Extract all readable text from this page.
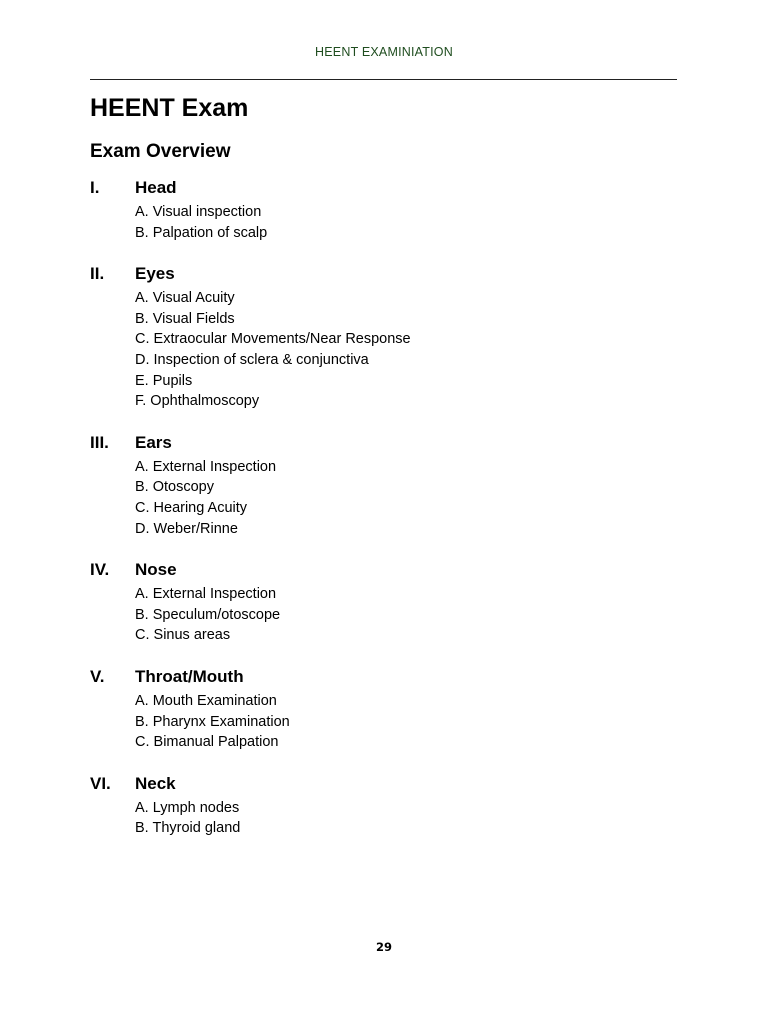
HEENT EXAMINIATION
HEENT Exam
Exam Overview
I.	Head
A. Visual inspection
B. Palpation of scalp
II.	Eyes
A. Visual Acuity
B. Visual Fields
C. Extraocular Movements/Near Response
D. Inspection of sclera & conjunctiva
E. Pupils
F. Ophthalmoscopy
III.	Ears
A. External Inspection
B. Otoscopy
C. Hearing Acuity
D. Weber/Rinne
IV.	Nose
A. External Inspection
B. Speculum/otoscope
C. Sinus areas
V.	Throat/Mouth
A. Mouth Examination
B. Pharynx Examination
C. Bimanual Palpation
VI.	Neck
A. Lymph nodes
B. Thyroid gland
29
